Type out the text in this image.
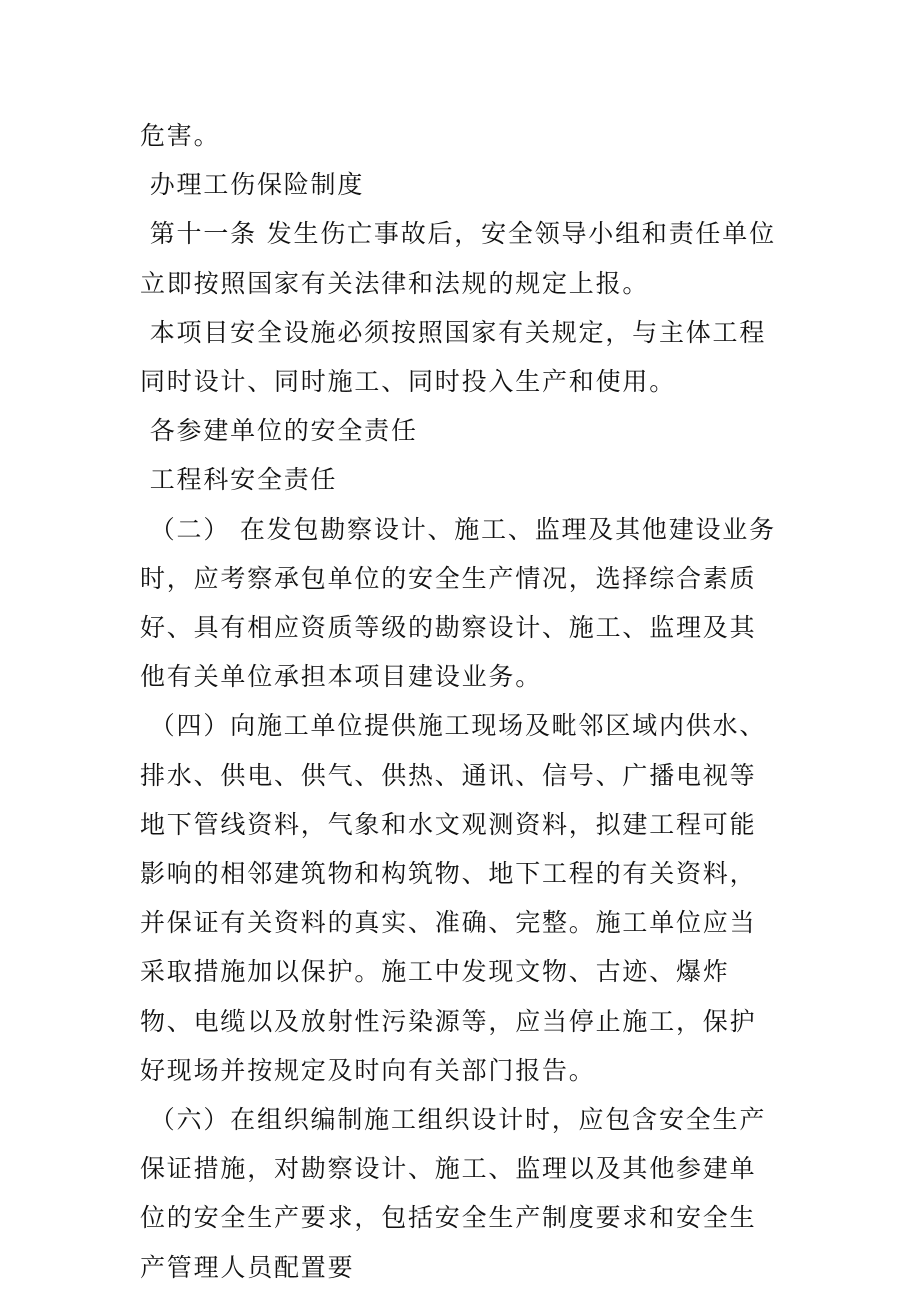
危害。

办理工伤保险制度

第十一条 发生伤亡事故后，安全领导小组和责任单位立即按照国家有关法律和法规的规定上报。

本项目安全设施必须按照国家有关规定，与主体工程同时设计、同时施工、同时投入生产和使用。

各参建单位的安全责任

工程科安全责任

（二） 在发包勘察设计、施工、监理及其他建设业务时，应考察承包单位的安全生产情况，选择综合素质好、具有相应资质等级的勘察设计、施工、监理及其他有关单位承担本项目建设业务。

（四）向施工单位提供施工现场及毗邻区域内供水、排水、供电、供气、供热、通讯、信号、广播电视等地下管线资料，气象和水文观测资料，拟建工程可能影响的相邻建筑物和构筑物、地下工程的有关资料，并保证有关资料的真实、准确、完整。施工单位应当采取措施加以保护。施工中发现文物、古迹、爆炸物、电缆以及放射性污染源等，应当停止施工，保护好现场并按规定及时向有关部门报告。

（六）在组织编制施工组织设计时，应包含安全生产保证措施，对勘察设计、施工、监理以及其他参建单位的安全生产要求，包括安全生产制度要求和安全生产管理人员配置要
